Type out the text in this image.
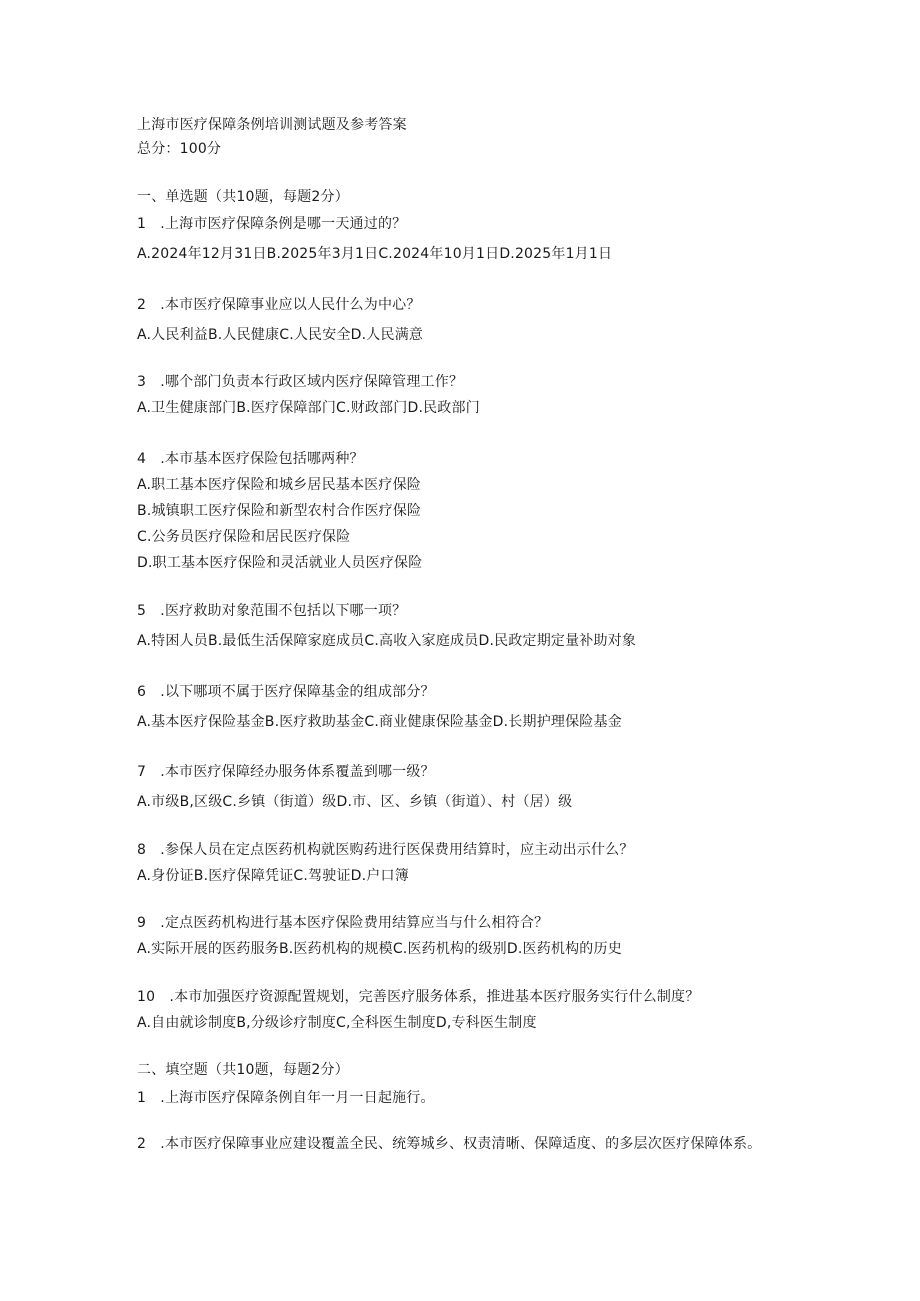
上海市医疗保障条例培训测试题及参考答案
总分：100分
一、单选题（共10题，每题2分）
1　.上海市医疗保障条例是哪一天通过的？
A.2024年12月31日B.2025年3月1日C.2024年10月1日D.2025年1月1日
2　.本市医疗保障事业应以人民什么为中心？
A.人民利益B.人民健康C.人民安全D.人民满意
3　.哪个部门负责本行政区域内医疗保障管理工作？
A.卫生健康部门B.医疗保障部门C.财政部门D.民政部门
4　.本市基本医疗保险包括哪两种？
A.职工基本医疗保险和城乡居民基本医疗保险
B.城镇职工医疗保险和新型农村合作医疗保险
C.公务员医疗保险和居民医疗保险
D.职工基本医疗保险和灵活就业人员医疗保险
5　.医疗救助对象范围不包括以下哪一项？
A.特困人员B.最低生活保障家庭成员C.高收入家庭成员D.民政定期定量补助对象
6　.以下哪项不属于医疗保障基金的组成部分？
A.基本医疗保险基金B.医疗救助基金C.商业健康保险基金D.长期护理保险基金
7　.本市医疗保障经办服务体系覆盖到哪一级？
A.市级B,区级C.乡镇（街道）级D.市、区、乡镇（街道）、村（居）级
8　.参保人员在定点医药机构就医购药进行医保费用结算时，应主动出示什么？
A.身份证B.医疗保障凭证C.驾驶证D.户口簿
9　.定点医药机构进行基本医疗保险费用结算应当与什么相符合？
A.实际开展的医药服务B.医药机构的规模C.医药机构的级别D.医药机构的历史
10　.本市加强医疗资源配置规划，完善医疗服务体系，推进基本医疗服务实行什么制度？
A.自由就诊制度B,分级诊疗制度C,全科医生制度D,专科医生制度
二、填空题（共10题，每题2分）
1　.上海市医疗保障条例自年一月一日起施行。
2　.本市医疗保障事业应建设覆盖全民、统筹城乡、权责清晰、保障适度、的多层次医疗保障体系。
